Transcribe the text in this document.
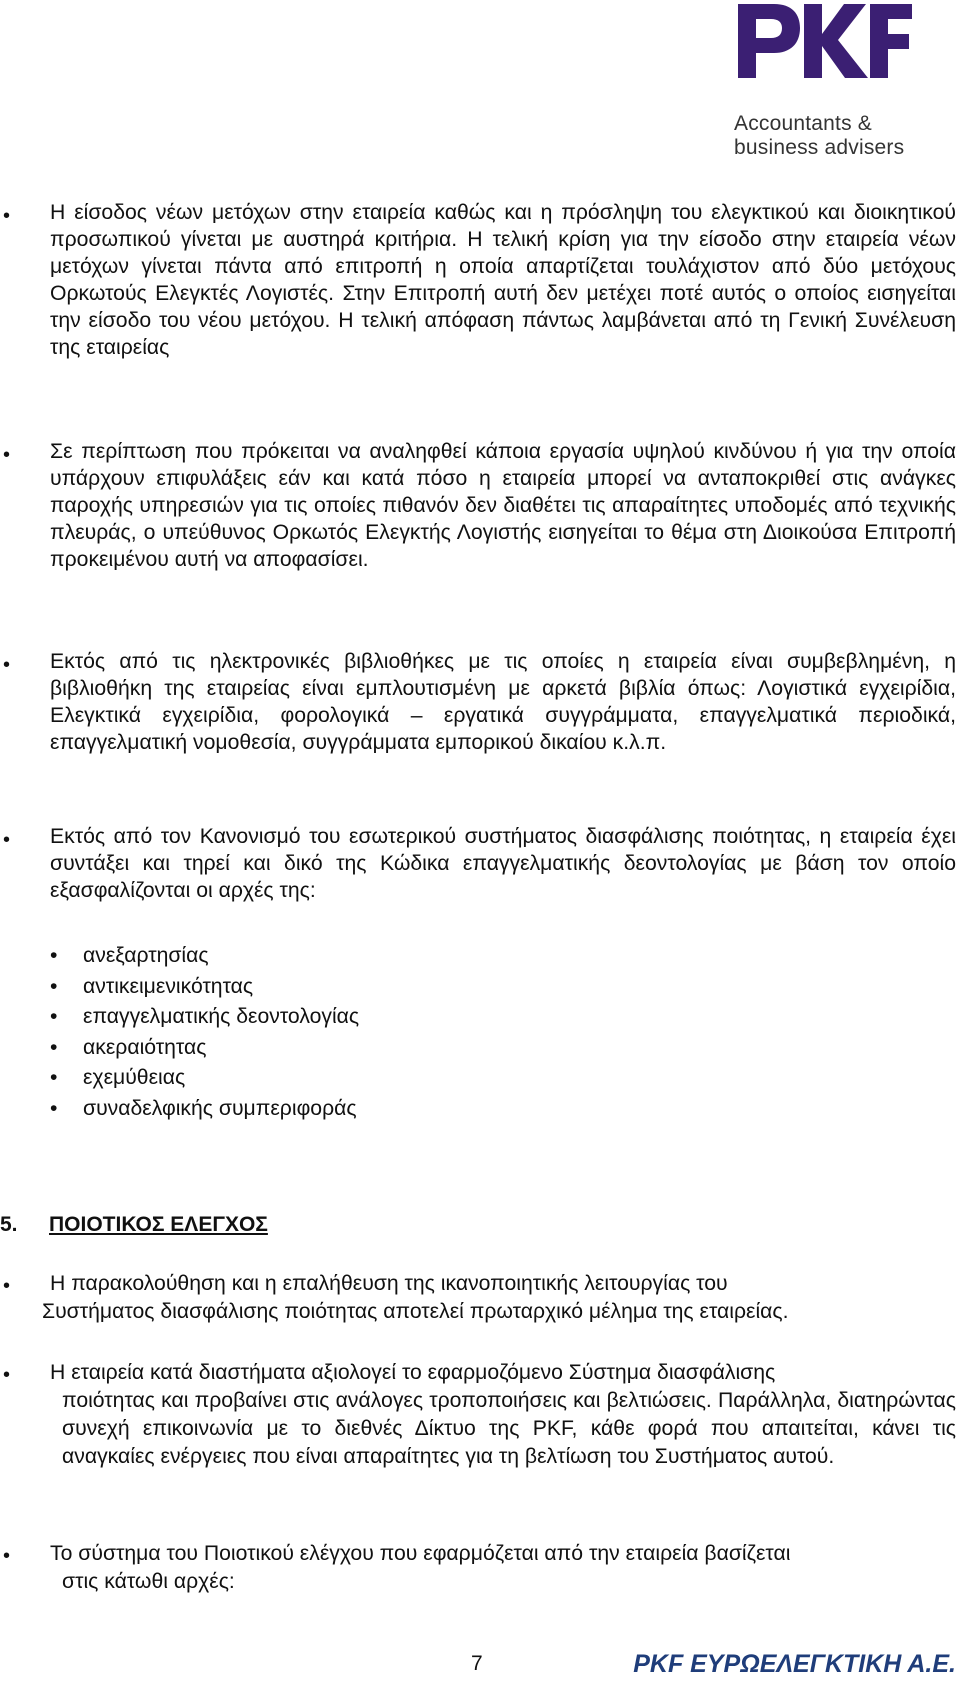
Accountants &
business advisers
• Η είσοδος νέων μετόχων στην εταιρεία καθώς και η πρόσληψη του ελεγκτικού και διοικητικού προσωπικού γίνεται με αυστηρά κριτήρια. Η τελική κρίση για την είσοδο στην εταιρεία νέων μετόχων γίνεται πάντα από επιτροπή η οποία απαρτίζεται τουλάχιστον από δύο μετόχους Ορκωτούς Ελεγκτές Λογιστές. Στην Επιτροπή αυτή δεν μετέχει ποτέ αυτός ο οποίος εισηγείται την είσοδο του νέου μετόχου. Η τελική απόφαση πάντως λαμβάνεται από τη Γενική Συνέλευση της εταιρείας
• Σε περίπτωση που πρόκειται να αναληφθεί κάποια εργασία υψηλού κινδύνου ή για την οποία υπάρχουν επιφυλάξεις εάν και κατά πόσο η εταιρεία μπορεί να ανταποκριθεί στις ανάγκες παροχής υπηρεσιών για τις οποίες πιθανόν δεν διαθέτει τις απαραίτητες υποδομές από τεχνικής πλευράς, ο υπεύθυνος Ορκωτός Ελεγκτής Λογιστής εισηγείται το θέμα στη Διοικούσα Επιτροπή προκειμένου αυτή να αποφασίσει.
• Εκτός από τις ηλεκτρονικές βιβλιοθήκες με τις οποίες η εταιρεία είναι συμβεβλημένη, η βιβλιοθήκη της εταιρείας είναι εμπλουτισμένη με αρκετά βιβλία όπως: Λογιστικά εγχειρίδια, Ελεγκτικά εγχειρίδια, φορολογικά – εργατικά συγγράμματα, επαγγελματικά περιοδικά, επαγγελματική νομοθεσία, συγγράμματα εμπορικού δικαίου κ.λ.π.
• Εκτός από τον Κανονισμό του εσωτερικού συστήματος διασφάλισης ποιότητας, η εταιρεία έχει συντάξει και τηρεί και δικό της Κώδικα επαγγελματικής δεοντολογίας με βάση τον οποίο εξασφαλίζονται οι αρχές της:
• ανεξαρτησίας
• αντικειμενικότητας
• επαγγελματικής δεοντολογίας
• ακεραιότητας
• εχεμύθειας
• συναδελφικής συμπεριφοράς
5. ΠΟΙΟΤΙΚΟΣ ΕΛΕΓΧΟΣ
•	Η παρακολούθηση και η επαλήθευση της ικανοποιητικής λειτουργίας του
Συστήματος διασφάλισης ποιότητας αποτελεί πρωταρχικό μέλημα της εταιρείας.
• Η εταιρεία κατά διαστήματα αξιολογεί το εφαρμοζόμενο Σύστημα διασφάλισης
ποιότητας και προβαίνει στις ανάλογες τροποποιήσεις και βελτιώσεις. Παράλληλα, διατηρώντας συνεχή επικοινωνία με το διεθνές Δίκτυο της PKF, κάθε φορά που απαιτείται, κάνει τις αναγκαίες ενέργειες που είναι απαραίτητες για τη βελτίωση του Συστήματος αυτού.
• Το σύστημα του Ποιοτικού ελέγχου που εφαρμόζεται από την εταιρεία βασίζεται
στις κάτωθι αρχές:
7	PKF ΕΥΡΩΕΛΕΓΚΤΙΚΗ Α.Ε.
